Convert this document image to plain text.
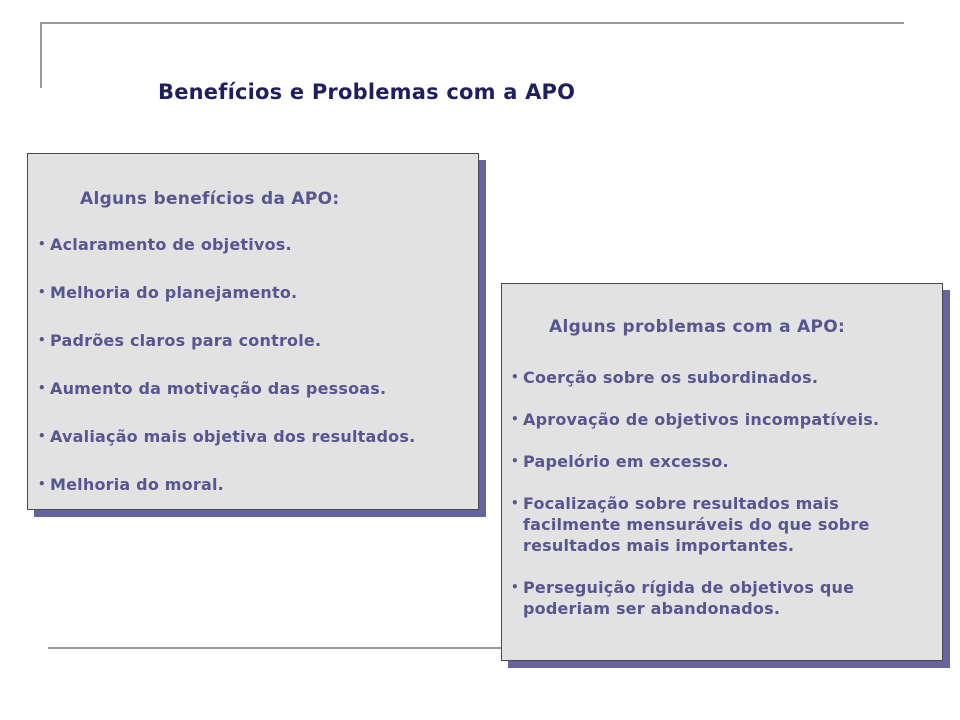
Benefícios e Problemas com a APO
Alguns benefícios da APO:
• Aclaramento de objetivos.
• Melhoria do planejamento.
• Padrões claros para controle.
• Aumento da motivação das pessoas.
• Avaliação mais objetiva dos resultados.
• Melhoria do moral.
Alguns problemas com a APO:
• Coerção sobre os subordinados.
• Aprovação de objetivos incompatíveis.
• Papelório em excesso.
• Focalização sobre resultados mais
facilmente mensuráveis do que sobre
resultados mais importantes.
• Perseguição rígida de objetivos que
poderiam ser abandonados.
